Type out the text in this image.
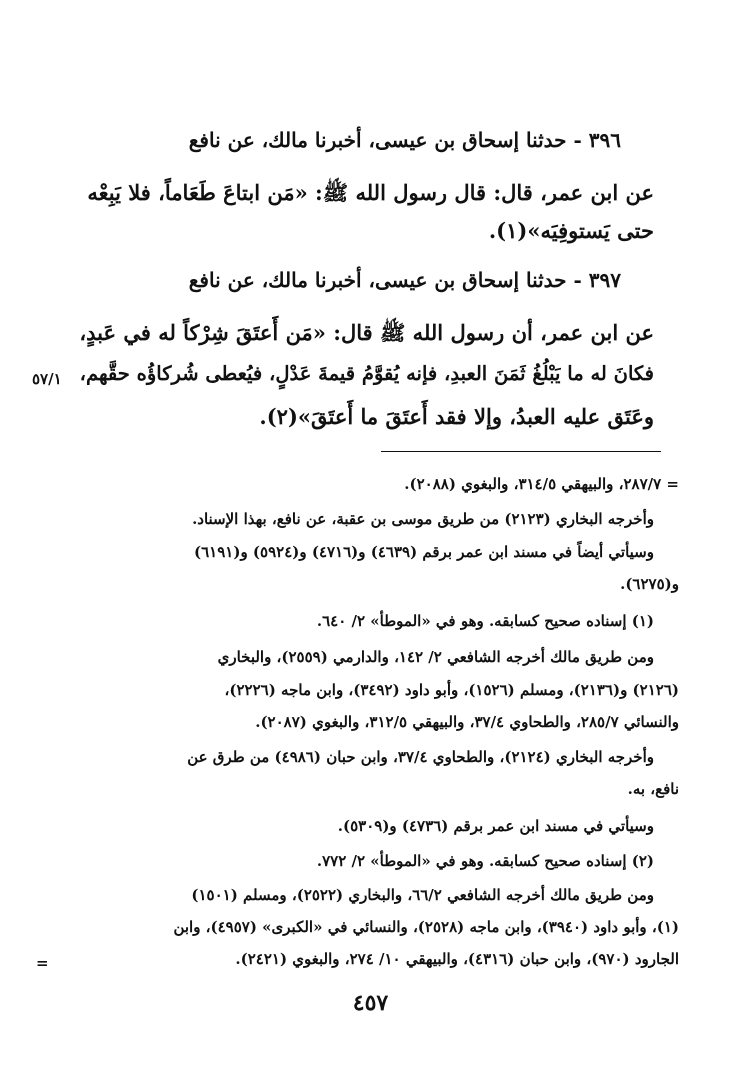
٣٩٦ - حدثنا إسحاق بن عيسى، أخبرنا مالك، عن نافع
عن ابن عمر، قال: قال رسول الله ﷺ: «مَن ابتاعَ طَعَاماً، فلا يَبِعْه
حتى يَستوفِيَه»(١).
٣٩٧ - حدثنا إسحاق بن عيسى، أخبرنا مالك، عن نافع
عن ابن عمر، أن رسول الله ﷺ قال: «مَن أَعتَقَ شِرْكاً له في عَبدٍ،
فكانَ له ما يَبْلُغُ ثَمَنَ العبدِ، فإنه يُقوَّمُ قيمةَ عَدْلٍ، فيُعطى شُركاؤُه حقَّهم،
وعَتَق عليه العبدُ، وإلا فقد أَعتَقَ ما أَعتَقَ»(٢).
٥٧/١
= ٢٨٧/٧، والبيهقي ٣١٤/٥، والبغوي (٢٠٨٨).
وأخرجه البخاري (٢١٢٣) من طريق موسى بن عقبة، عن نافع، بهذا الإسناد.
وسيأتي أيضاً في مسند ابن عمر برقم (٤٦٣٩) و(٤٧١٦) و(٥٩٢٤) و(٦١٩١)
و(٦٢٧٥).
(١) إسناده صحيح كسابقه. وهو في «الموطأ» ٢/ ٦٤٠.
ومن طريق مالك أخرجه الشافعي ٢/ ١٤٢، والدارمي (٢٥٥٩)، والبخاري
(٢١٢٦) و(٢١٣٦)، ومسلم (١٥٢٦)، وأبو داود (٣٤٩٢)، وابن ماجه (٢٢٢٦)،
والنسائي ٢٨٥/٧، والطحاوي ٣٧/٤، والبيهقي ٣١٢/٥، والبغوي (٢٠٨٧).
وأخرجه البخاري (٢١٢٤)، والطحاوي ٣٧/٤، وابن حبان (٤٩٨٦) من طرق عن
نافع، به.
وسيأتي في مسند ابن عمر برقم (٤٧٣٦) و(٥٣٠٩).
(٢) إسناده صحيح كسابقه. وهو في «الموطأ» ٢/ ٧٧٢.
ومن طريق مالك أخرجه الشافعي ٦٦/٢، والبخاري (٢٥٢٢)، ومسلم (١٥٠١)
(١)، وأبو داود (٣٩٤٠)، وابن ماجه (٢٥٢٨)، والنسائي في «الكبرى» (٤٩٥٧)، وابن
الجارود (٩٧٠)، وابن حبان (٤٣١٦)، والبيهقي ١٠/ ٢٧٤، والبغوي (٢٤٢١).
=
٤٥٧
